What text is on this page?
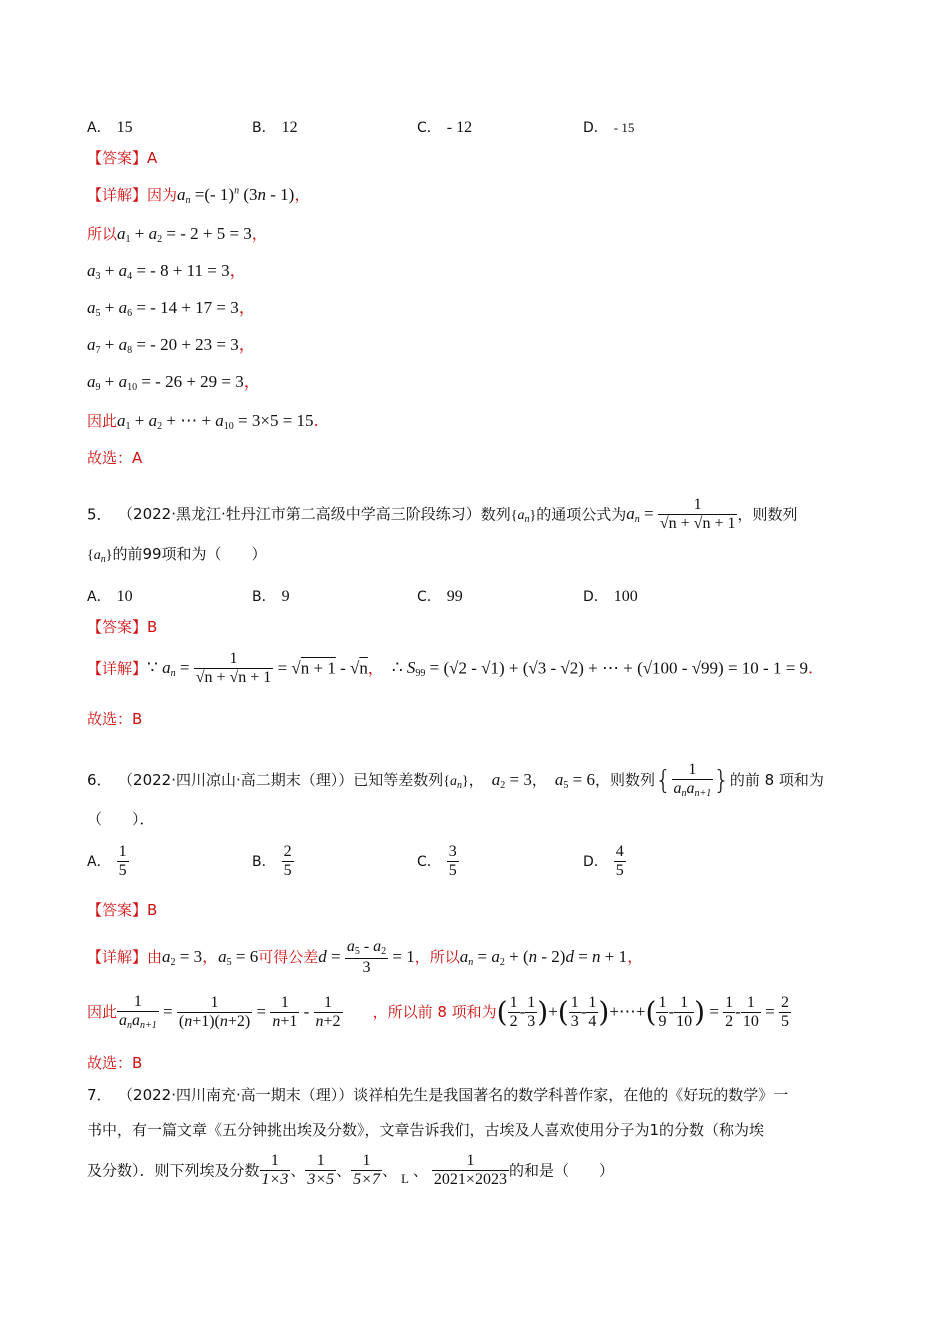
A． 15	B． 12	C． - 12	D． - 15
【答案】A
【详解】因为$a_n$ =(- 1)$^n$ (3n - 1)，
所以$a_1 + a_2$ = - 2 + 5 = 3，
$a_3 + a_4$ = - 8 + 11 = 3，
$a_5 + a_6$ = - 14 + 17 = 3，
$a_7 + a_8$ = - 20 + 23 = 3，
$a_9 + a_{10}$ = - 26 + 29 = 3，
因此$a_1 + a_2$ + ⋯ + $a_{10} = 3\times 5 = 15$.
故选：A
5． （2022·黑龙江·牡丹江市第二高级中学高三阶段练习）数列$\{a_n\}$的通项公式为$a_n = \frac{1}{√n + √n + 1}$ ，则数列
$\{a_n\}$的前99项和为（　　）
A． 10	B． 9	C． 99	D． 100
【答案】B
【详解】∵ $a_n = \frac{1}{√n + √n + 1} = √n + 1 - √n$， ∴ $S_{99} = (√2 - √1) + (√3 - √2)$ + ⋯ + (√100 - √99) = 10 - 1 = 9.
故选：B
6． （2022·四川凉山·高二期末（理））已知等差数列$\{a_n\}$， $a_2 = 3$， $a_5 = 6$，则数列{ $\frac{1}{a_na_{n+1}}$ }的前 8 项和为
（　　）．
A． $\frac{1}{5}$	B． $\frac{2}{5}$	C． $\frac{3}{5}$	D． $\frac{4}{5}$
【答案】B
【详解】由$a_2 = 3$，$a_5 = 6$可得公差$d = \frac{a_5 - a_2}{3} = 1$，所以$a_n = a_2 + (n - 2)d = n + 1$，
因此 $\frac{1}{a_na_{n+1}} = \frac{1}{(n+1)(n+2)} = \frac{1}{n+1} - \frac{1}{n+2}$ ，所以前 8 项和为( $\frac{1}{2} - \frac{1}{3}$ )+( $\frac{1}{3} - \frac{1}{4}$ )+⋯+( $\frac{1}{9} - \frac{1}{10}$ ) = $\frac{1}{2} - \frac{1}{10} = \frac{2}{5}$
故选：B
7． （2022·四川南充·高一期末（理））谈祥柏先生是我国著名的数学科普作家，在他的《好玩的数学》一
书中，有一篇文章《五分钟挑出埃及分数》，文章告诉我们，古埃及人喜欢使用分子为1的分数（称为埃
及分数）．则下列埃及分数 $\frac{1}{1\times 3}$ 、 $\frac{1}{3\times 5}$ 、 $\frac{1}{5\times 7}$ 、 L 、 $\frac{1}{2021\times 2023}$ 的和是（　　）
